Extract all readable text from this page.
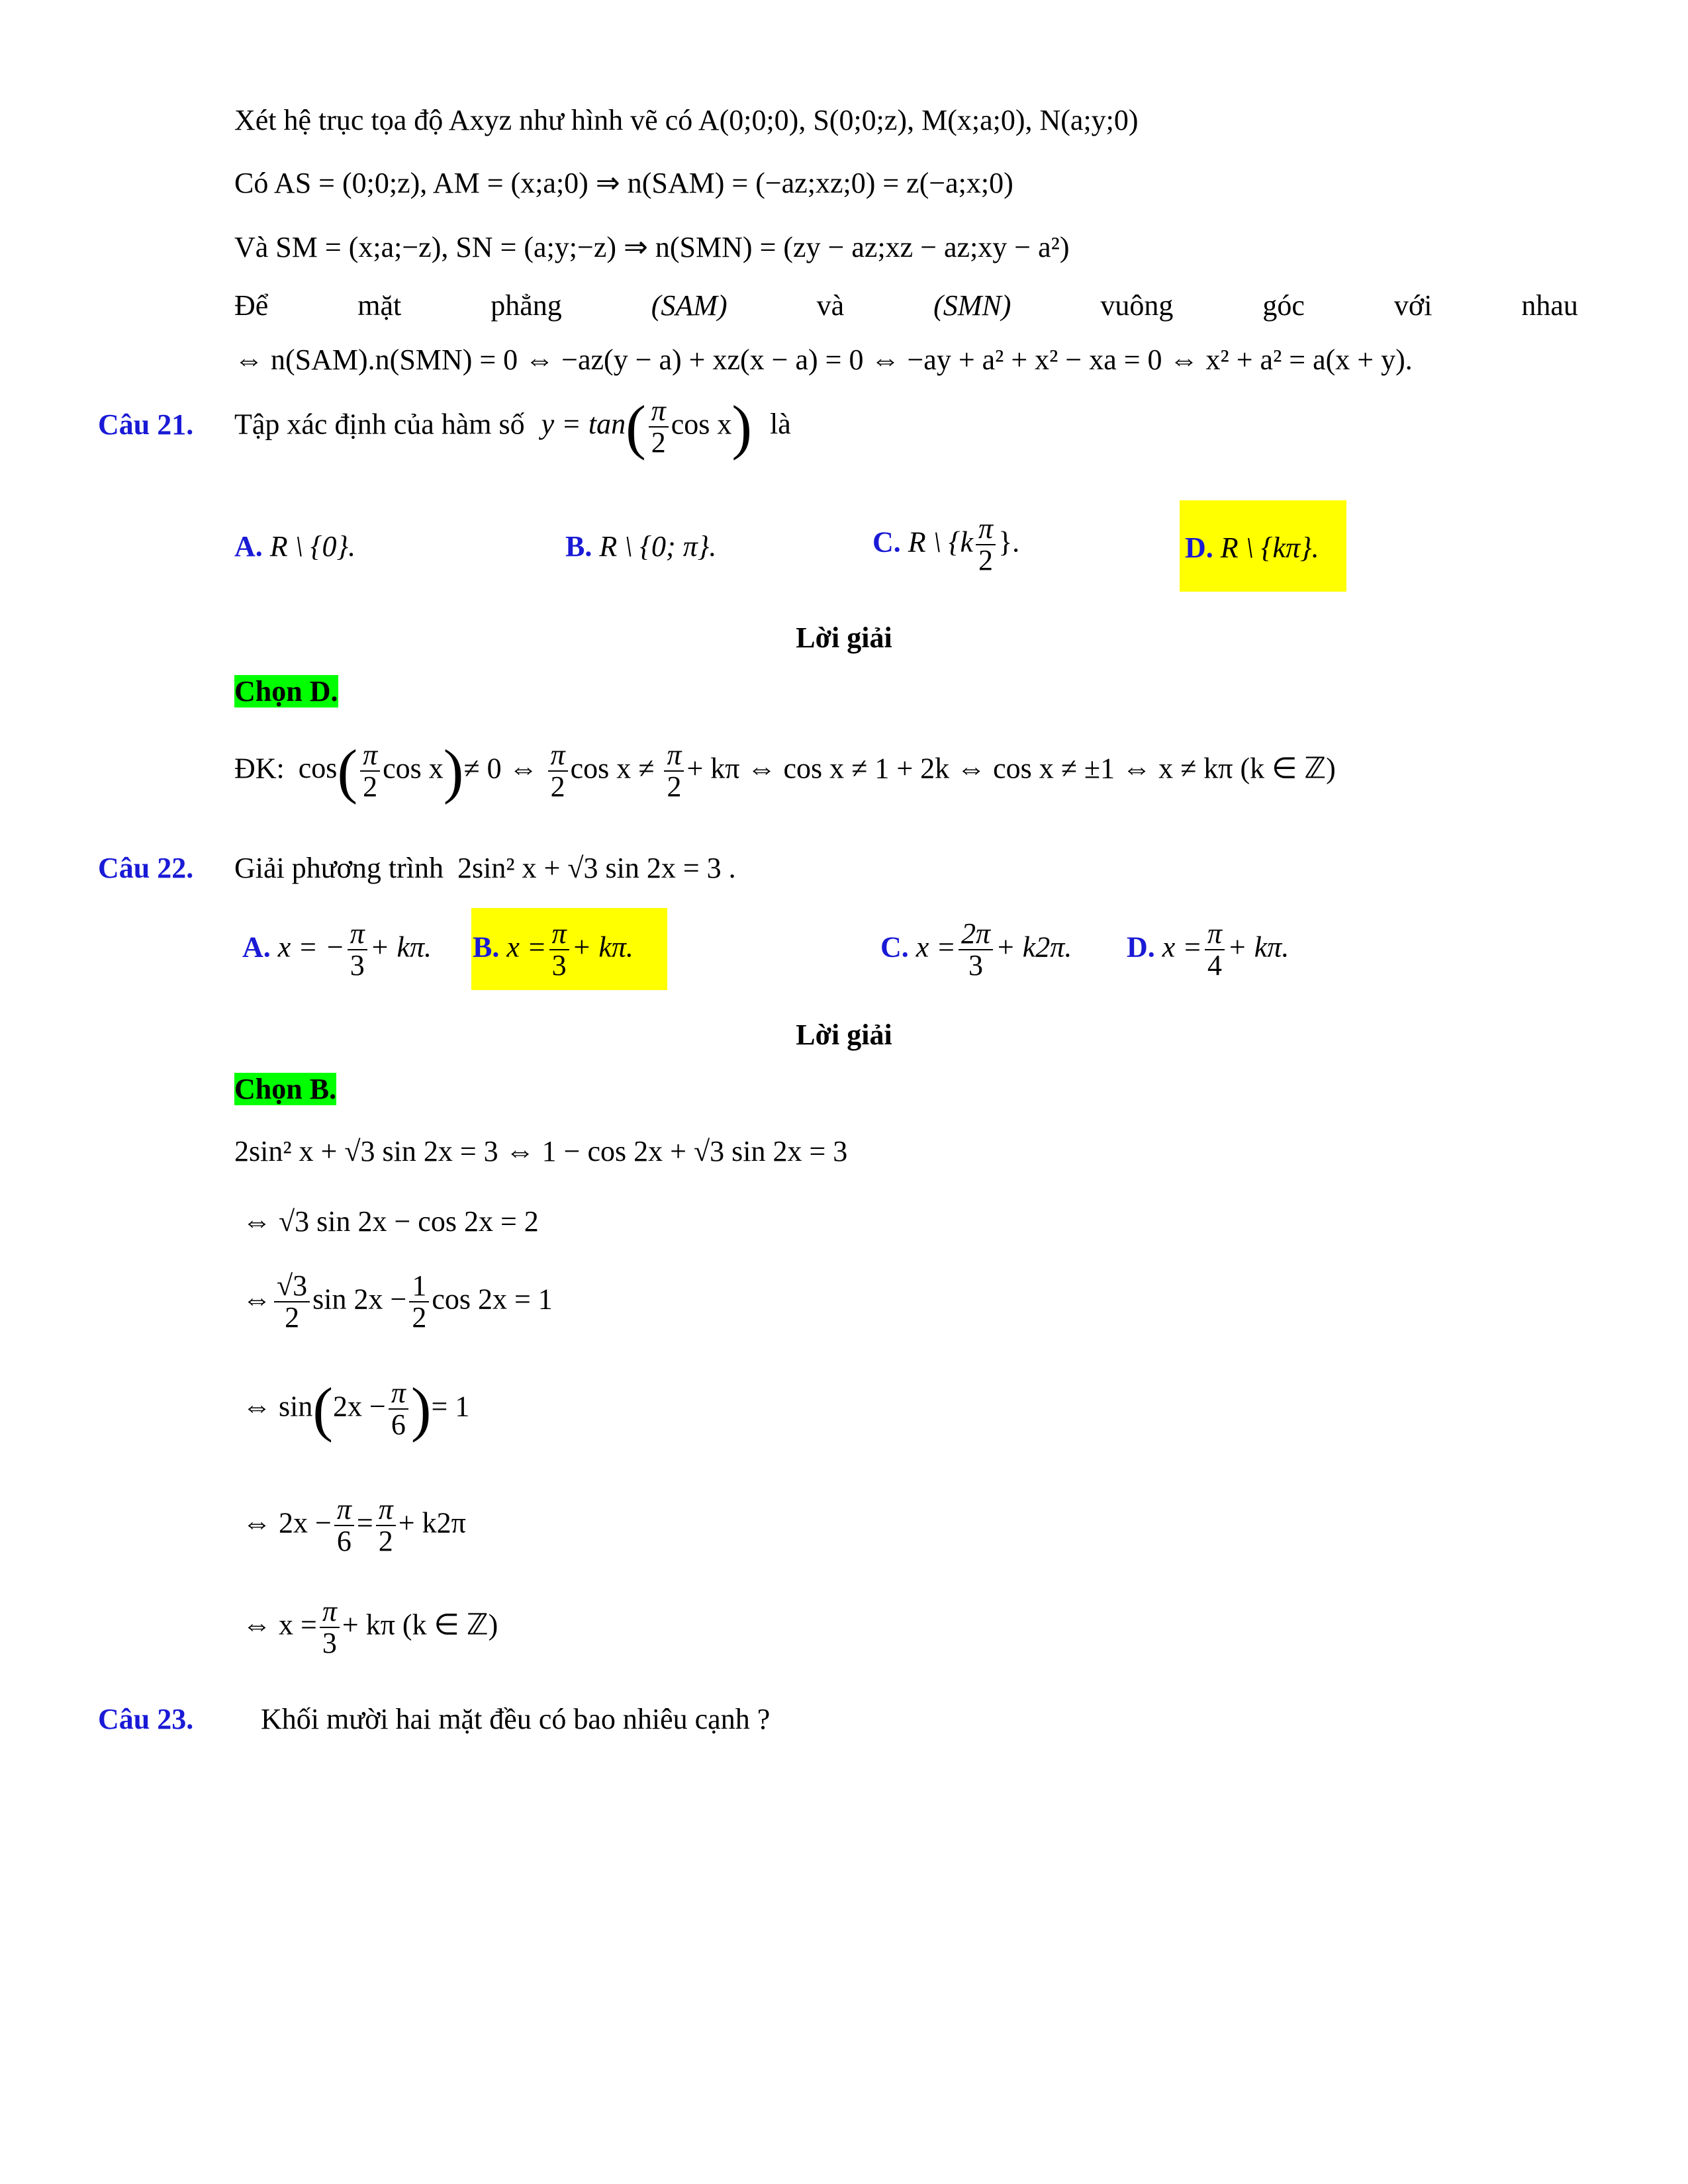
Xét hệ trục tọa độ Axyz như hình vẽ có A(0;0;0), S(0;0;z), M(x;a;0), N(a;y;0)
Có AS = (0;0;z), AM = (x;a;0) ⇒ n(SAM) = (−az;xz;0) = z(−a;x;0)
Và SM = (x;a;−z), SN = (a;y;−z) ⇒ n(SMN) = (zy − az;xz − az;xy − a²)
Để	mặt	phẳng	(SAM)	và	(SMN)	vuông	góc	với	nhau
⇔ n(SAM).n(SMN) = 0 ⇔ −az(y − a) + xz(x − a) = 0 ⇔ −ay + a² + x² − xa = 0 ⇔ x² + a² = a(x + y).
Câu 21. Tập xác định của hàm số $y = \tan( \frac{\pi}{2}$ cos x) là
A. R \ {0}.	B. R \ {0; π}.	C. R \ {$k \frac{\pi}{2}$ }.	D. R \ {kπ}.
Lời giải
Chọn D.
ĐK: $\cos( \frac{\pi}{2}$ cos x)≠ 0 ⇔ $\frac{\pi}{2}$ $\cos x \ne \frac{\pi}{2} + k\pi$ ⇔ cos x ≠ 1 + 2k ⇔ cos x ≠ ±1 ⇔ x ≠ kπ (k ∈ ℤ)
Câu 22. Giải phương trình 2sin² x + √3 sin 2x = 3 .
A. x = − $\frac{\pi}{3} + k\pi$. B. $x = \frac{\pi}{3} + k\pi$.	C. $x = \frac{2\pi}{3} + k2\pi$. D. $x = \frac{\pi}{4} + k\pi$.
Lời giải
Chọn B.
2sin² x + √3 sin 2x = 3 ⇔ 1 − cos 2x + √3 sin 2x = 3
⇔ √3 sin 2x − cos 2x = 2
⇔ $\frac{√3}{2}$ $\sin 2x - \frac{1}{2}$ cos 2x = 1
⇔ $\sin(2x - \frac{\pi}{6}$ )= 1
⇔ $2x - \frac{\pi}{6} = \frac{\pi}{2} + k2\pi$
⇔ $x = \frac{\pi}{3} + k\pi$ (k ∈ ℤ)
Câu 23. Khối mười hai mặt đều có bao nhiêu cạnh ?
